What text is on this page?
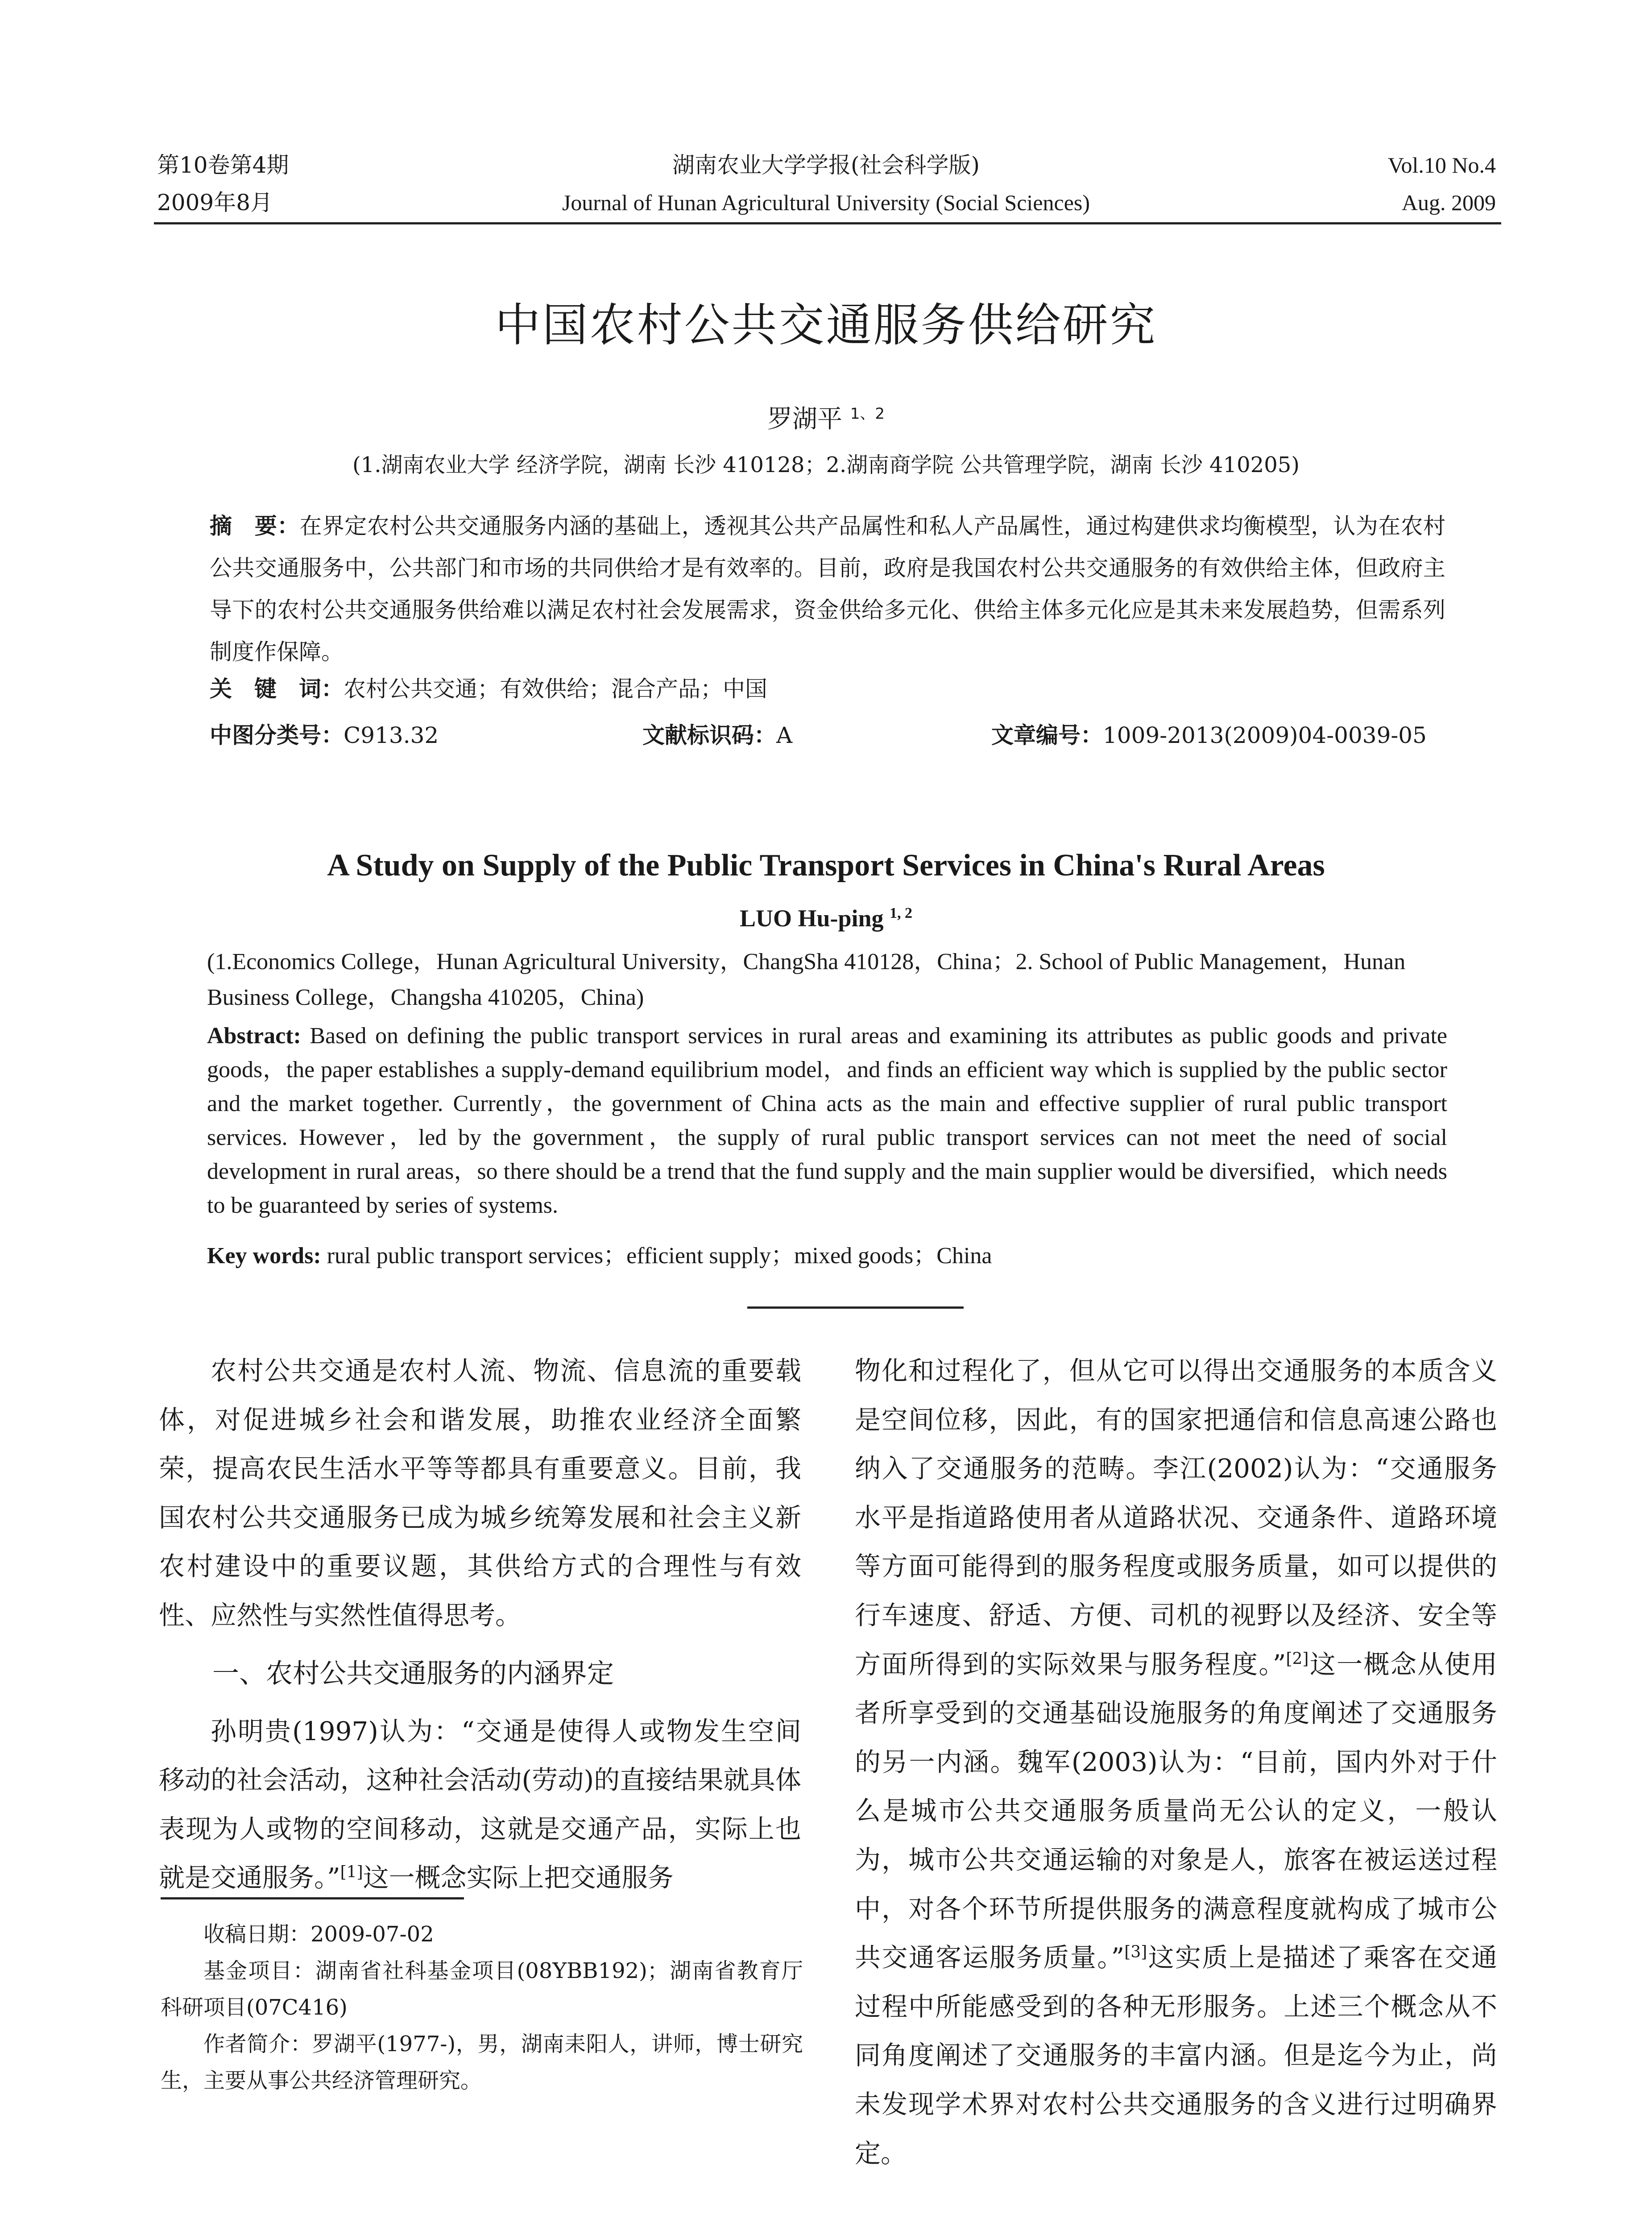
第10卷第4期
2009年8月
湖南农业大学学报(社会科学版)
Journal of Hunan Agricultural University (Social Sciences)
Vol.10 No.4
Aug. 2009
中国农村公共交通服务供给研究
罗湖平 $^{1、2}$
(1.湖南农业大学 经济学院，湖南 长沙 410128；2.湖南商学院 公共管理学院，湖南 长沙 410205)
摘　要：在界定农村公共交通服务内涵的基础上，透视其公共产品属性和私人产品属性，通过构建供求均衡模型，认为在农村公共交通服务中，公共部门和市场的共同供给才是有效率的。目前，政府是我国农村公共交通服务的有效供给主体，但政府主导下的农村公共交通服务供给难以满足农村社会发展需求，资金供给多元化、供给主体多元化应是其未来发展趋势，但需系列制度作保障。
关　键　词：农村公共交通；有效供给；混合产品；中国
中图分类号：C913.32	文献标识码：A	文章编号：1009-2013(2009)04-0039-05
A Study on Supply of the Public Transport Services in China's Rural Areas
LUO Hu-ping $^{1, 2}$
(1.Economics College，Hunan Agricultural University，ChangSha 410128，China；2. School of Public Management，Hunan Business College，Changsha 410205，China)
Abstract: Based on defining the public transport services in rural areas and examining its attributes as public goods and private goods，the paper establishes a supply-demand equilibrium model，and finds an efficient way which is supplied by the public sector and the market together. Currently，the government of China acts as the main and effective supplier of rural public transport services. However，led by the government，the supply of rural public transport services can not meet the need of social development in rural areas，so there should be a trend that the fund supply and the main supplier would be diversified，which needs to be guaranteed by series of systems.
Key words: rural public transport services；efficient supply；mixed goods；China

农村公共交通是农村人流、物流、信息流的重要载体，对促进城乡社会和谐发展，助推农业经济全面繁荣，提高农民生活水平等等都具有重要意义。目前，我国农村公共交通服务已成为城乡统筹发展和社会主义新农村建设中的重要议题，其供给方式的合理性与有效性、应然性与实然性值得思考。

一、农村公共交通服务的内涵界定

孙明贵(1997)认为：“交通是使得人或物发生空间移动的社会活动，这种社会活动(劳动)的直接结果就具体表现为人或物的空间移动，这就是交通产品，实际上也就是交通服务。”[1]这一概念实际上把交通服务

收稿日期：2009-07-02

基金项目：湖南省社科基金项目(08YBB192)；湖南省教育厅科研项目(07C416)

作者简介：罗湖平(1977-)，男，湖南耒阳人，讲师，博士研究生，主要从事公共经济管理研究。

物化和过程化了，但从它可以得出交通服务的本质含义是空间位移，因此，有的国家把通信和信息高速公路也纳入了交通服务的范畴。李江(2002)认为：“交通服务水平是指道路使用者从道路状况、交通条件、道路环境等方面可能得到的服务程度或服务质量，如可以提供的行车速度、舒适、方便、司机的视野以及经济、安全等方面所得到的实际效果与服务程度。”[2]这一概念从使用者所享受到的交通基础设施服务的角度阐述了交通服务的另一内涵。魏军(2003)认为：“目前，国内外对于什么是城市公共交通服务质量尚无公认的定义，一般认为，城市公共交通运输的对象是人，旅客在被运送过程中，对各个环节所提供服务的满意程度就构成了城市公共交通客运服务质量。”[3]这实质上是描述了乘客在交通过程中所能感受到的各种无形服务。上述三个概念从不同角度阐述了交通服务的丰富内涵。但是迄今为止，尚未发现学术界对农村公共交通服务的含义进行过明确界定。
